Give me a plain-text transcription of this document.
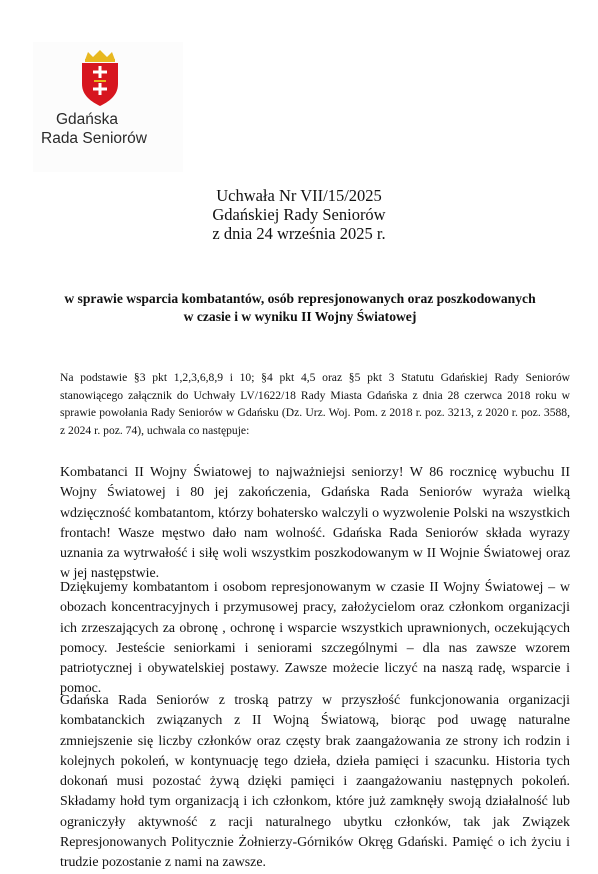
Gdańska
Rada Seniorów
Uchwała Nr VII/15/2025
Gdańskiej Rady Seniorów
z dnia 24 września 2025 r.
w sprawie wsparcia kombatantów, osób represjonowanych oraz poszkodowanych
w czasie i w wyniku II Wojny Światowej
Na podstawie §3 pkt 1,2,3,6,8,9 i 10; §4 pkt 4,5 oraz §5 pkt 3 Statutu Gdańskiej Rady Seniorów stanowiącego załącznik do Uchwały LV/1622/18 Rady Miasta Gdańska z dnia 28 czerwca 2018 roku w sprawie powołania Rady Seniorów w Gdańsku (Dz. Urz. Woj. Pom. z 2018 r. poz. 3213, z 2020 r. poz. 3588, z 2024 r. poz. 74), uchwala co następuje:
Kombatanci II Wojny Światowej to najważniejsi seniorzy! W 86 rocznicę wybuchu II Wojny Światowej i 80 jej zakończenia, Gdańska Rada Seniorów wyraża wielką wdzięczność kombatantom, którzy bohatersko walczyli o wyzwolenie Polski na wszystkich frontach! Wasze męstwo dało nam wolność. Gdańska Rada Seniorów składa wyrazy uznania za wytrwałość i siłę woli wszystkim poszkodowanym w II Wojnie Światowej oraz w jej następstwie.
Dziękujemy kombatantom i osobom represjonowanym w czasie II Wojny Światowej – w obozach koncentracyjnych i przymusowej pracy, założycielom oraz członkom organizacji ich zrzeszających za obronę , ochronę i wsparcie wszystkich uprawnionych, oczekujących pomocy. Jesteście seniorkami i seniorami szczególnymi – dla nas zawsze wzorem patriotycznej i obywatelskiej postawy. Zawsze możecie liczyć na naszą radę, wsparcie i pomoc.
Gdańska Rada Seniorów z troską patrzy w przyszłość funkcjonowania organizacji kombatanckich związanych z II Wojną Światową, biorąc pod uwagę naturalne zmniejszenie się liczby członków oraz częsty brak zaangażowania ze strony ich rodzin i kolejnych pokoleń, w kontynuację tego dzieła, dzieła pamięci i szacunku. Historia tych dokonań musi pozostać żywą dzięki pamięci i zaangażowaniu następnych pokoleń. Składamy hołd tym organizacją i ich członkom, które już zamknęły swoją działalność lub ograniczyły aktywność z racji naturalnego ubytku członków, tak jak Związek Represjonowanych Politycznie Żołnierzy-Górników Okręg Gdański. Pamięć o ich życiu i trudzie pozostanie z nami na zawsze.
